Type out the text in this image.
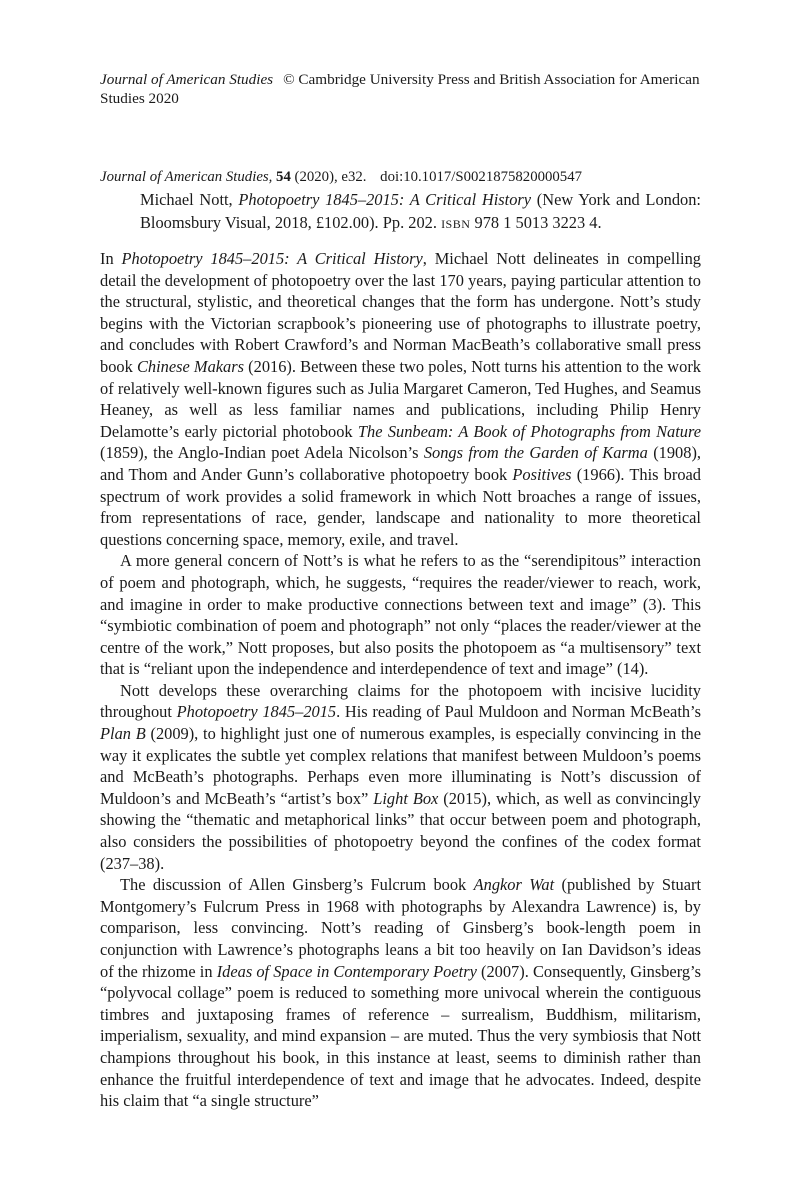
Journal of American Studies © Cambridge University Press and British Association for American Studies 2020

Journal of American Studies, 54 (2020), e32. doi:10.1017/S0021875820000547

Michael Nott, Photopoetry 1845–2015: A Critical History (New York and London: Bloomsbury Visual, 2018, £102.00). Pp. 202. ISBN 978 1 5013 3223 4.

In Photopoetry 1845–2015: A Critical History, Michael Nott delineates in compelling detail the development of photopoetry over the last 170 years, paying particular attention to the structural, stylistic, and theoretical changes that the form has undergone. Nott’s study begins with the Victorian scrapbook’s pioneering use of photographs to illustrate poetry, and concludes with Robert Crawford’s and Norman MacBeath’s collaborative small press book Chinese Makars (2016). Between these two poles, Nott turns his attention to the work of relatively well-known figures such as Julia Margaret Cameron, Ted Hughes, and Seamus Heaney, as well as less familiar names and publications, including Philip Henry Delamotte’s early pictorial photobook The Sunbeam: A Book of Photographs from Nature (1859), the Anglo-Indian poet Adela Nicolson’s Songs from the Garden of Karma (1908), and Thom and Ander Gunn’s collaborative photopoetry book Positives (1966). This broad spectrum of work provides a solid framework in which Nott broaches a range of issues, from representations of race, gender, landscape and nationality to more theoretical questions concerning space, memory, exile, and travel.

A more general concern of Nott’s is what he refers to as the “serendipitous” interaction of poem and photograph, which, he suggests, “requires the reader/viewer to reach, work, and imagine in order to make productive connections between text and image” (3). This “symbiotic combination of poem and photograph” not only “places the reader/viewer at the centre of the work,” Nott proposes, but also posits the photopoem as “a multisensory” text that is “reliant upon the independence and interdependence of text and image” (14).

Nott develops these overarching claims for the photopoem with incisive lucidity throughout Photopoetry 1845–2015. His reading of Paul Muldoon and Norman McBeath’s Plan B (2009), to highlight just one of numerous examples, is especially convincing in the way it explicates the subtle yet complex relations that manifest between Muldoon’s poems and McBeath’s photographs. Perhaps even more illuminating is Nott’s discussion of Muldoon’s and McBeath’s “artist’s box” Light Box (2015), which, as well as convincingly showing the “thematic and metaphorical links” that occur between poem and photograph, also considers the possibilities of photopoetry beyond the confines of the codex format (237–38).

The discussion of Allen Ginsberg’s Fulcrum book Angkor Wat (published by Stuart Montgomery’s Fulcrum Press in 1968 with photographs by Alexandra Lawrence) is, by comparison, less convincing. Nott’s reading of Ginsberg’s book-length poem in conjunction with Lawrence’s photographs leans a bit too heavily on Ian Davidson’s ideas of the rhizome in Ideas of Space in Contemporary Poetry (2007). Consequently, Ginsberg’s “polyvocal collage” poem is reduced to something more univocal wherein the contiguous timbres and juxtaposing frames of reference – surrealism, Buddhism, militarism, imperialism, sexuality, and mind expansion – are muted. Thus the very symbiosis that Nott champions throughout his book, in this instance at least, seems to diminish rather than enhance the fruitful interdependence of text and image that he advocates. Indeed, despite his claim that “a single structure”
